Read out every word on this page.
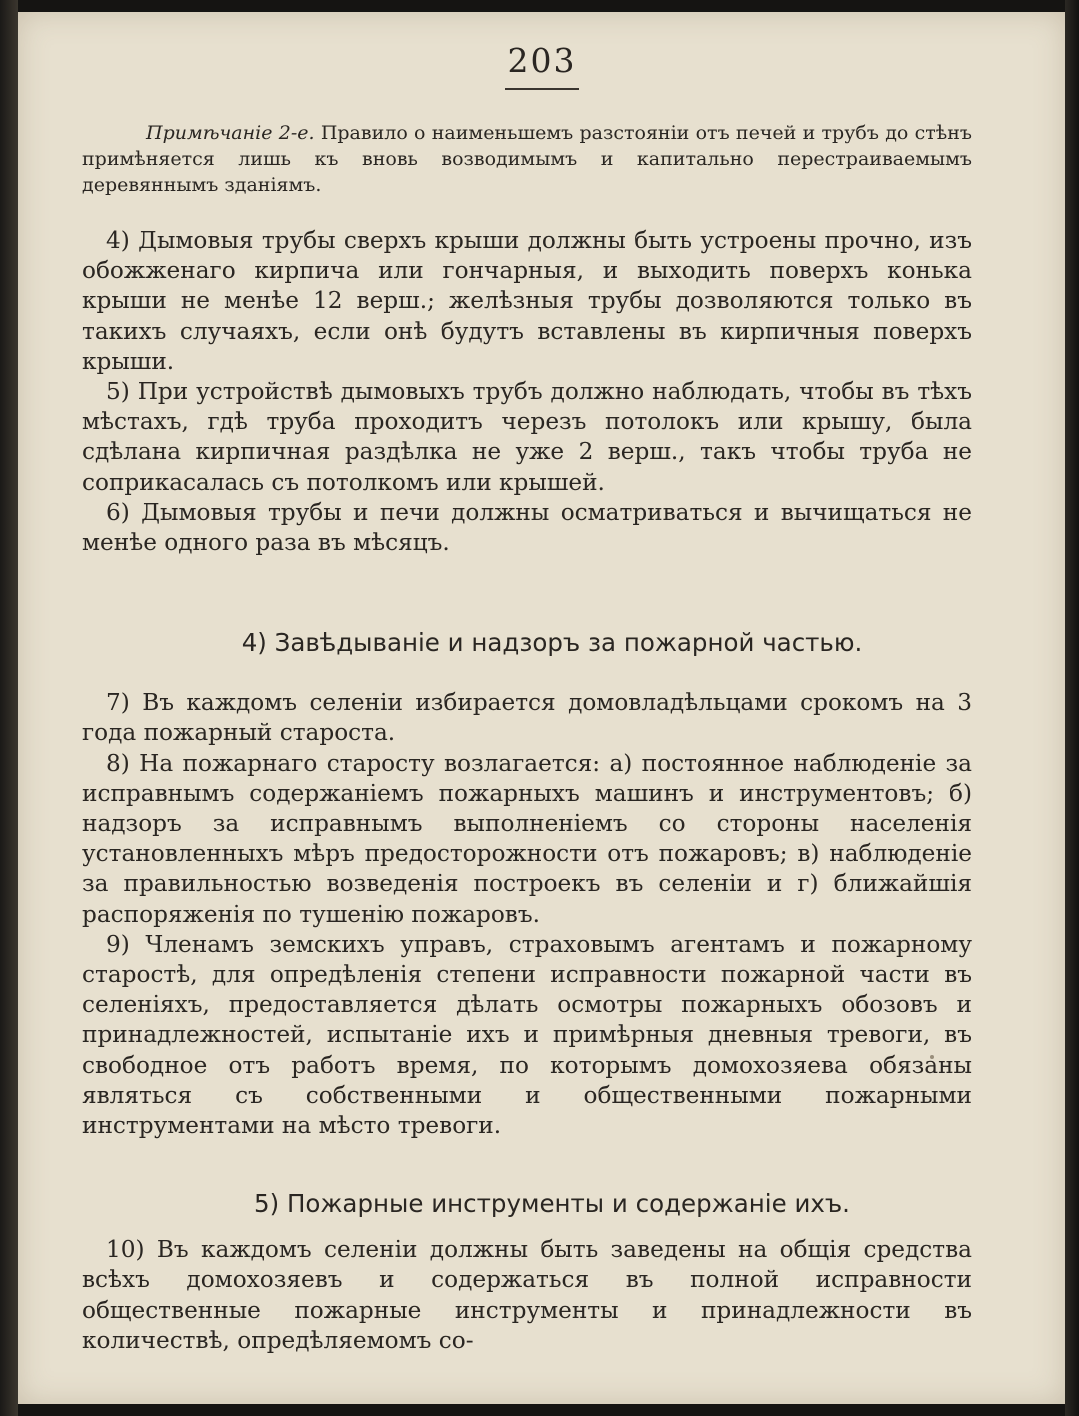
203

Примѣчаніе 2-е. Правило о наименьшемъ разстояніи отъ печей и трубъ до стѣнъ примѣняется лишь къ вновь возводимымъ и капитально перестраиваемымъ деревяннымъ зданіямъ.

4) Дымовыя трубы сверхъ крыши должны быть устроены прочно, изъ обожженаго кирпича или гончарныя, и выходить поверхъ конька крыши не менѣе 12 верш.; желѣзныя трубы дозволяются только въ такихъ случаяхъ, если онѣ будутъ вставлены въ кирпичныя поверхъ крыши.

5) При устройствѣ дымовыхъ трубъ должно наблюдать, чтобы въ тѣхъ мѣстахъ, гдѣ труба проходитъ черезъ потолокъ или крышу, была сдѣлана кирпичная раздѣлка не уже 2 верш., такъ чтобы труба не соприкасалась съ потолкомъ или крышей.

6) Дымовыя трубы и печи должны осматриваться и вычищаться не менѣе одного раза въ мѣсяцъ.

4) Завѣдываніе и надзоръ за пожарной частью.

7) Въ каждомъ селеніи избирается домовладѣльцами срокомъ на 3 года пожарный староста.

8) На пожарнаго старосту возлагается: а) постоянное наблюденіе за исправнымъ содержаніемъ пожарныхъ машинъ и инструментовъ; б) надзоръ за исправнымъ выполненіемъ со стороны населенія установленныхъ мѣръ предосторожности отъ пожаровъ; в) наблюденіе за правильностью возведенія построекъ въ селеніи и г) ближайшія распоряженія по тушенію пожаровъ.

9) Членамъ земскихъ управъ, страховымъ агентамъ и пожарному старостѣ, для опредѣленія степени исправности пожарной части въ селеніяхъ, предоставляется дѣлать осмотры пожарныхъ обозовъ и принадлежностей, испытаніе ихъ и примѣрныя дневныя тревоги, въ свободное отъ работъ время, по которымъ домохозяева обязаны являться съ собственными и общественными пожарными инструментами на мѣсто тревоги.

5) Пожарные инструменты и содержаніе ихъ.

10) Въ каждомъ селеніи должны быть заведены на общія средства всѣхъ домохозяевъ и содержаться въ полной исправности общественные пожарные инструменты и принадлежности въ количествѣ, опредѣляемомъ со-
